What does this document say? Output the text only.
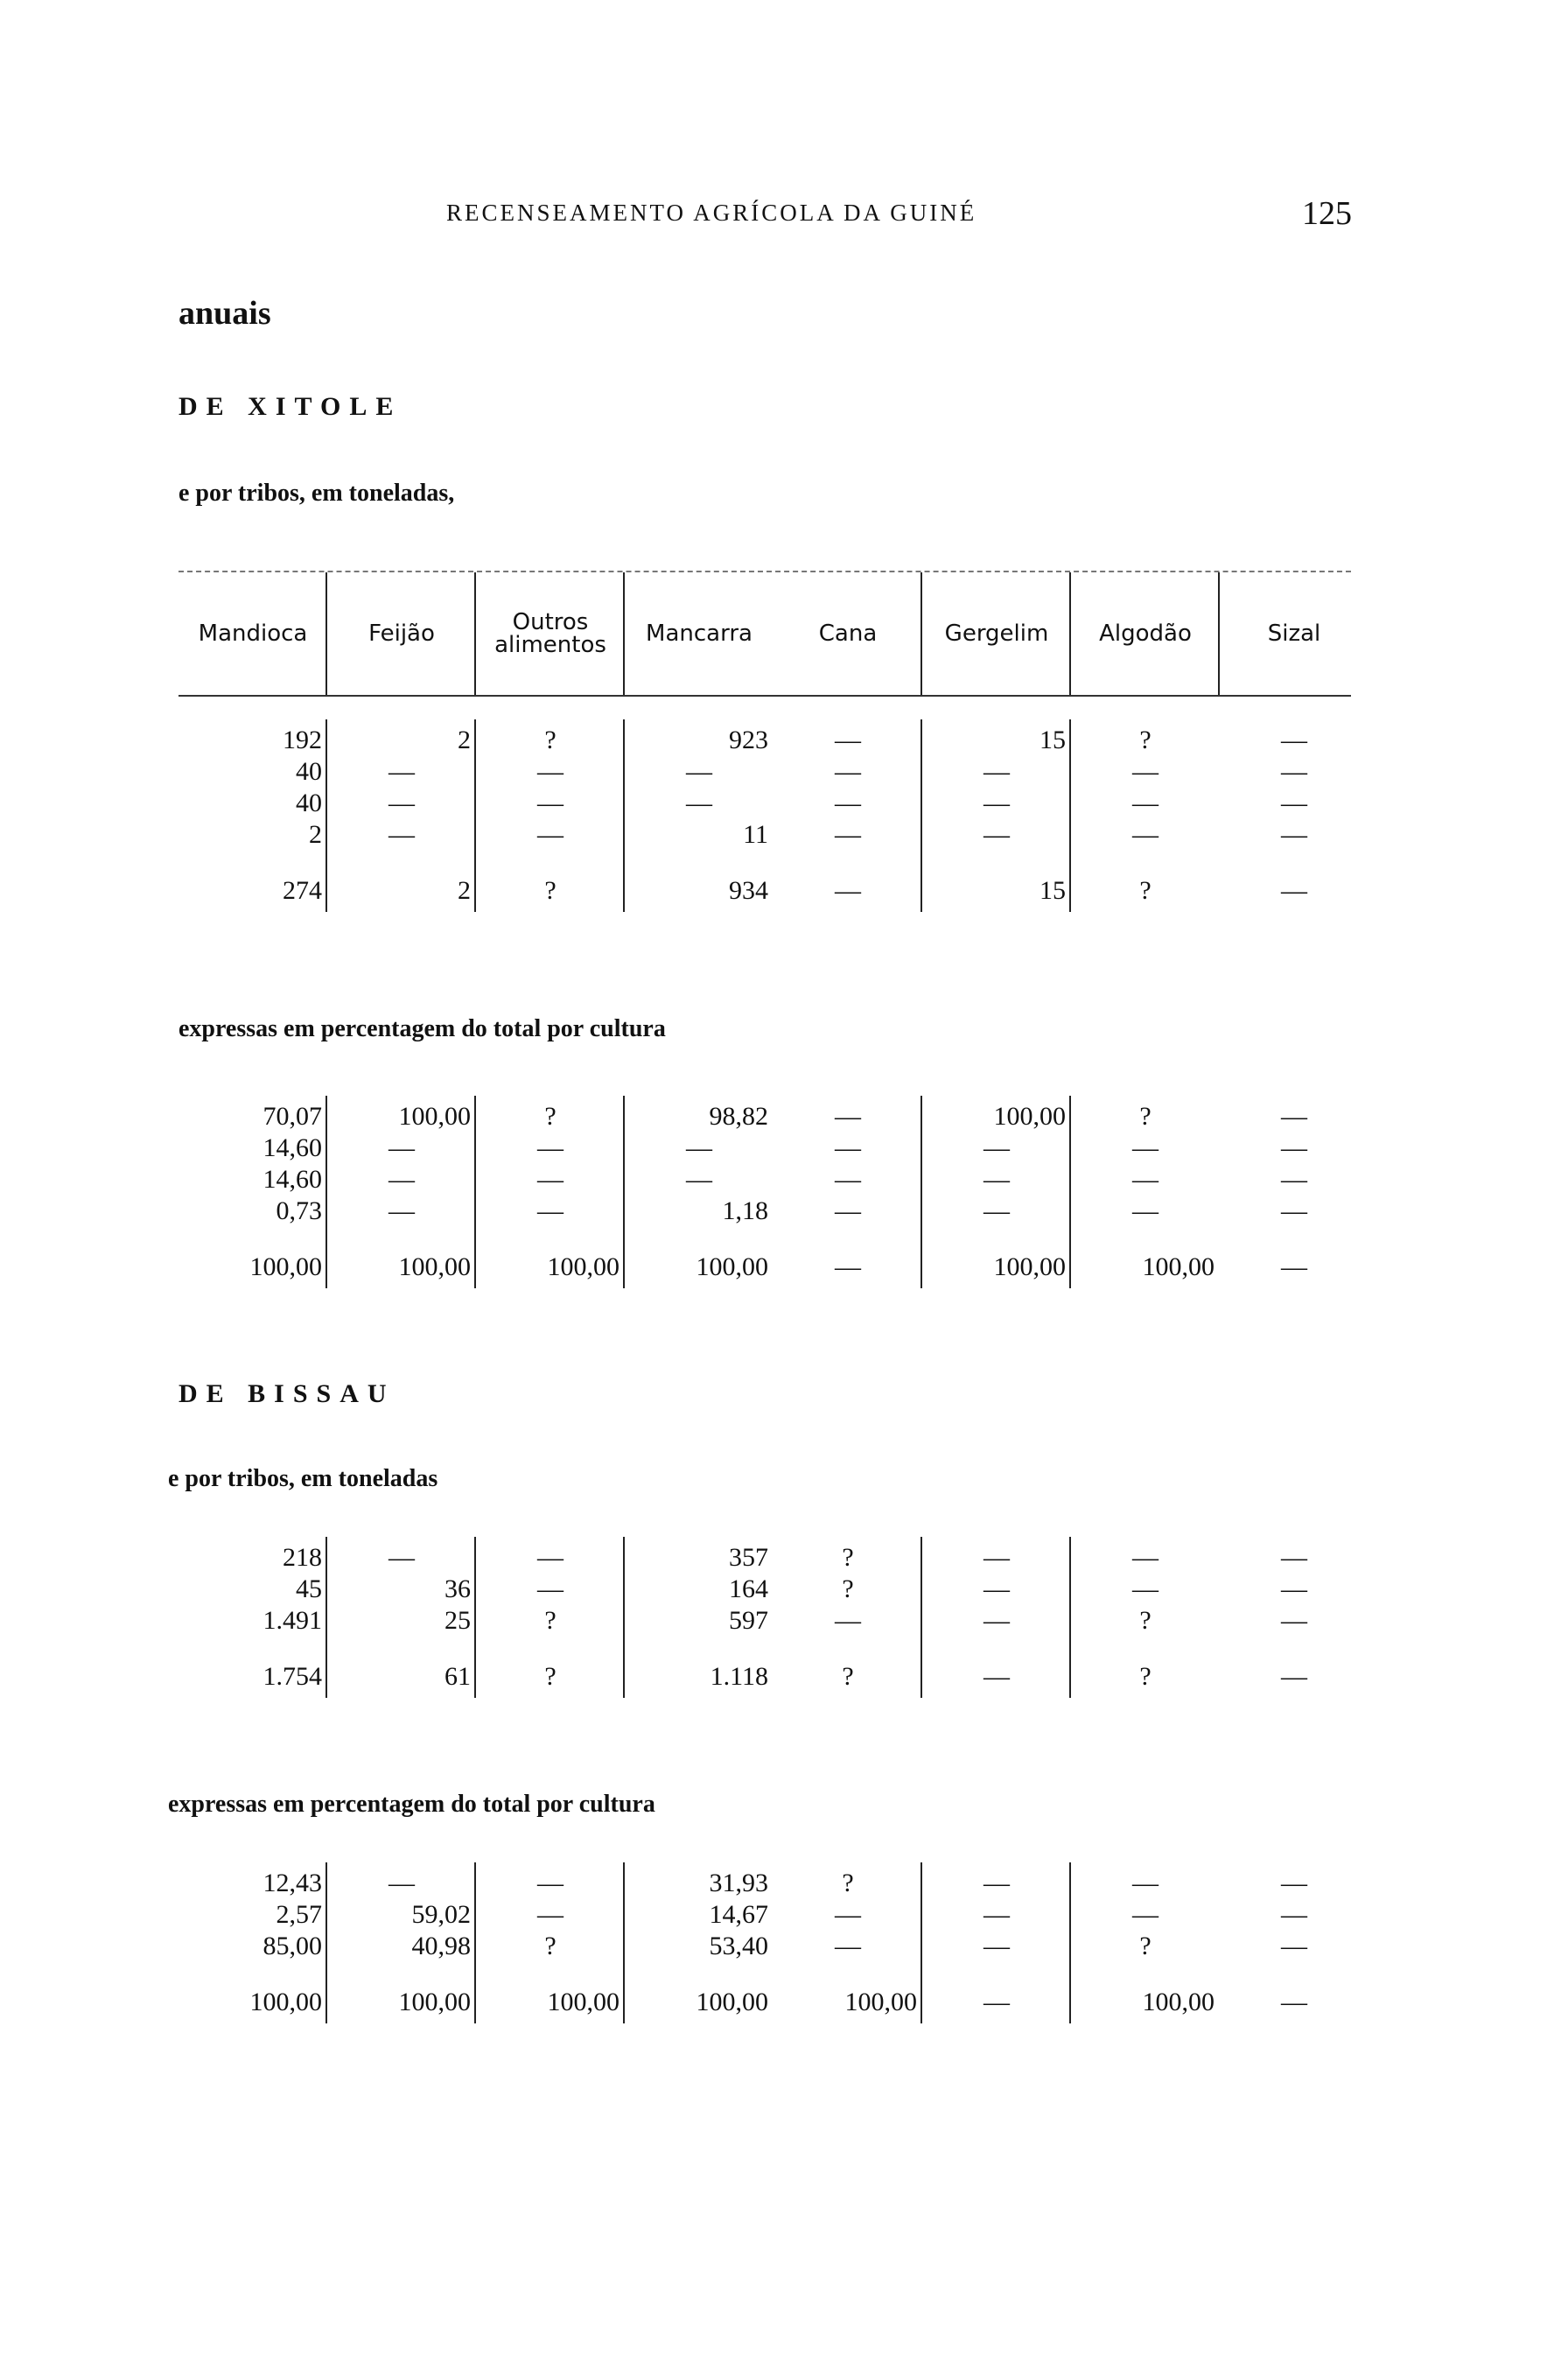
RECENSEAMENTO AGRÍCOLA DA GUINÉ	125
anuais
DE XITOLE
e por tribos, em toneladas,
Mandioca	Feijão	Outros alimentos	Mancarra	Cana	Gergelim	Algodão	Sizal
192	2	?	923	—	15	?	—
40	—	—	—	—	—	—	—
40	—	—	—	—	—	—	—
2	—	—	11	—	—	—	—
274	2	?	934	—	15	?	—
expressas em percentagem do total por cultura
70,07	100,00	?	98,82	—	100,00	?	—
14,60	—	—	—	—	—	—	—
14,60	—	—	—	—	—	—	—
0,73	—	—	1,18	—	—	—	—
100,00	100,00	100,00	100,00	—	100,00	100,00	—
DE BISSAU
e por tribos, em toneladas
218	—	—	357	?	—	—	—
45	36	—	164	?	—	—	—
1.491	25	?	597	—	—	?	—
1.754	61	?	1.118	?	—	?	—
expressas em percentagem do total por cultura
12,43	—	—	31,93	?	—	—	—
2,57	59,02	—	14,67	—	—	—	—
85,00	40,98	?	53,40	—	—	?	—
100,00	100,00	100,00	100,00	100,00	—	100,00	—
